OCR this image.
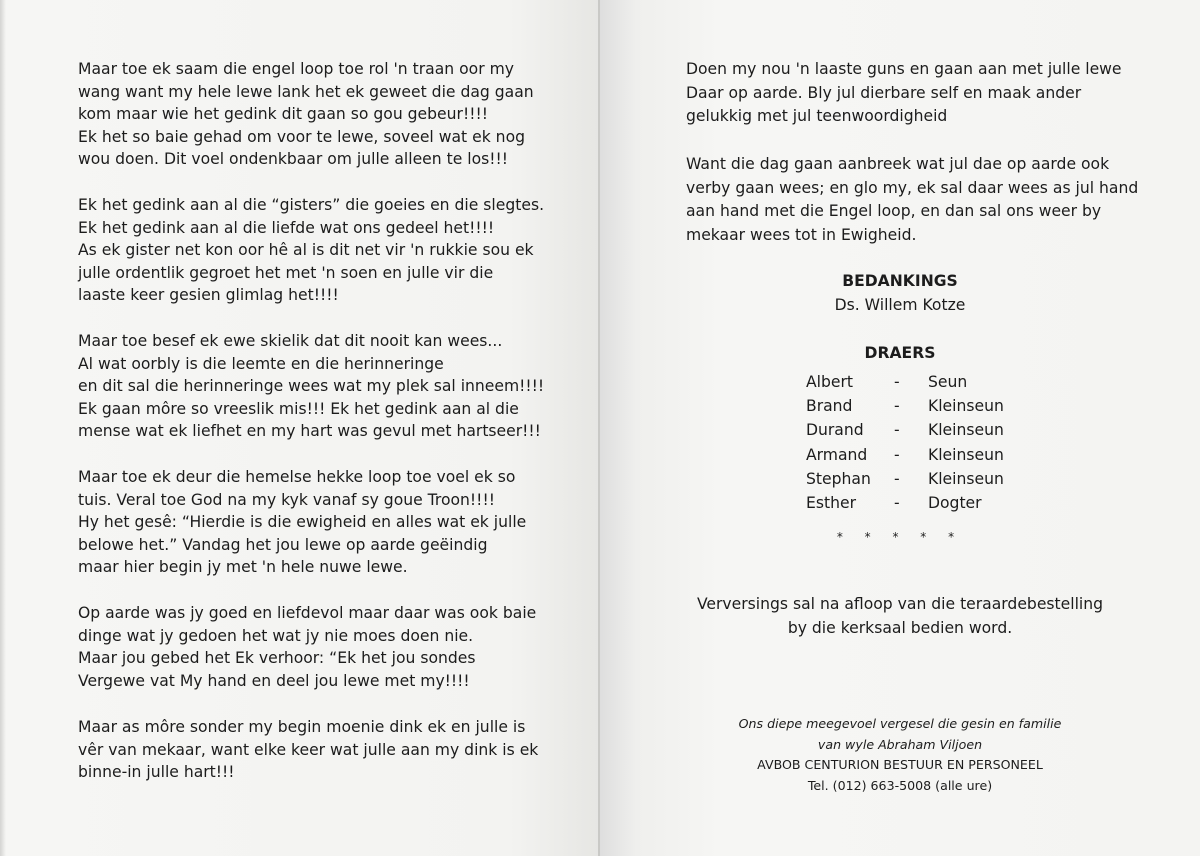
Maar toe ek saam die engel loop toe rol 'n traan oor my
wang want my hele lewe lank het ek geweet die dag gaan
kom maar wie het gedink dit gaan so gou gebeur!!!!
Ek het so baie gehad om voor te lewe, soveel wat ek nog
wou doen. Dit voel ondenkbaar om julle alleen te los!!!
Ek het gedink aan al die “gisters” die goeies en die slegtes.
Ek het gedink aan al die liefde wat ons gedeel het!!!!
As ek gister net kon oor hê al is dit net vir 'n rukkie sou ek
julle ordentlik gegroet het met 'n soen en julle vir die
laaste keer gesien glimlag het!!!!
Maar toe besef ek ewe skielik dat dit nooit kan wees...
Al wat oorbly is die leemte en die herinneringe
en dit sal die herinneringe wees wat my plek sal inneem!!!!
Ek gaan môre so vreeslik mis!!! Ek het gedink aan al die
mense wat ek liefhet en my hart was gevul met hartseer!!!
Maar toe ek deur die hemelse hekke loop toe voel ek so
tuis. Veral toe God na my kyk vanaf sy goue Troon!!!!
Hy het gesê: “Hierdie is die ewigheid en alles wat ek julle
belowe het.” Vandag het jou lewe op aarde geëindig
maar hier begin jy met 'n hele nuwe lewe.
Op aarde was jy goed en liefdevol maar daar was ook baie
dinge wat jy gedoen het wat jy nie moes doen nie.
Maar jou gebed het Ek verhoor: “Ek het jou sondes
Vergewe vat My hand en deel jou lewe met my!!!!
Maar as môre sonder my begin moenie dink ek en julle is
vêr van mekaar, want elke keer wat julle aan my dink is ek
binne-in julle hart!!!
Doen my nou 'n laaste guns en gaan aan met julle lewe
Daar op aarde. Bly jul dierbare self en maak ander
gelukkig met jul teenwoordigheid
Want die dag gaan aanbreek wat jul dae op aarde ook
verby gaan wees; en glo my, ek sal daar wees as jul hand
aan hand met die Engel loop, en dan sal ons weer by
mekaar wees tot in Ewigheid.
BEDANKINGS
Ds. Willem Kotze
DRAERS
Albert	-	Seun
Brand	-	Kleinseun
Durand	-	Kleinseun
Armand	-	Kleinseun
Stephan	-	Kleinseun
Esther	-	Dogter
* * * * *
Verversings sal na afloop van die teraardebestelling
by die kerksaal bedien word.
Ons diepe meegevoel vergesel die gesin en familie
van wyle Abraham Viljoen
AVBOB CENTURION BESTUUR EN PERSONEEL
Tel. (012) 663-5008 (alle ure)
